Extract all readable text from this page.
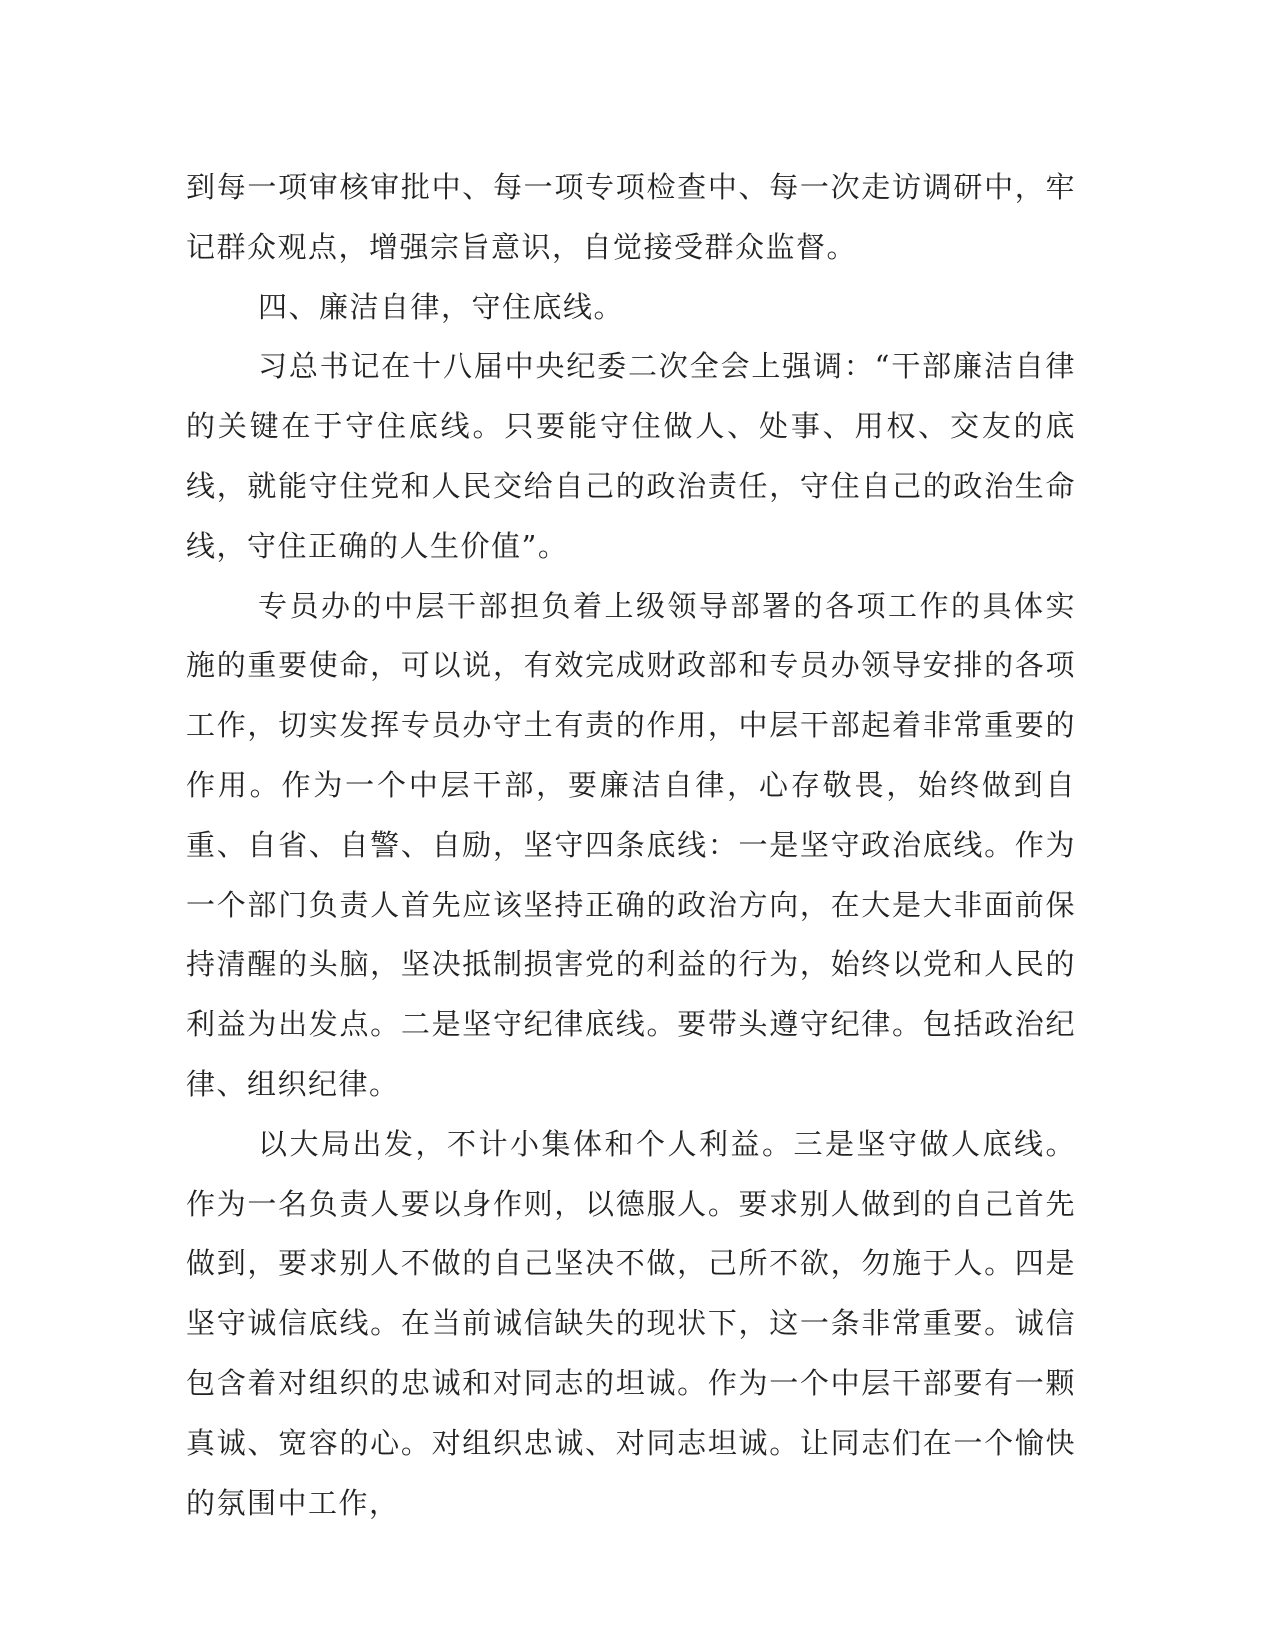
到每一项审核审批中、每一项专项检查中、每一次走访调研中，牢记群众观点，增强宗旨意识，自觉接受群众监督。

四、廉洁自律，守住底线。

习总书记在十八届中央纪委二次全会上强调：“干部廉洁自律的关键在于守住底线。只要能守住做人、处事、用权、交友的底线，就能守住党和人民交给自己的政治责任，守住自己的政治生命线，守住正确的人生价值”。

专员办的中层干部担负着上级领导部署的各项工作的具体实施的重要使命，可以说，有效完成财政部和专员办领导安排的各项工作，切实发挥专员办守土有责的作用，中层干部起着非常重要的作用。作为一个中层干部，要廉洁自律，心存敬畏，始终做到自重、自省、自警、自励，坚守四条底线：一是坚守政治底线。作为一个部门负责人首先应该坚持正确的政治方向，在大是大非面前保持清醒的头脑，坚决抵制损害党的利益的行为，始终以党和人民的利益为出发点。二是坚守纪律底线。要带头遵守纪律。包括政治纪律、组织纪律。

以大局出发，不计小集体和个人利益。三是坚守做人底线。作为一名负责人要以身作则，以德服人。要求别人做到的自己首先做到，要求别人不做的自己坚决不做，己所不欲，勿施于人。四是坚守诚信底线。在当前诚信缺失的现状下，这一条非常重要。诚信包含着对组织的忠诚和对同志的坦诚。作为一个中层干部要有一颗真诚、宽容的心。对组织忠诚、对同志坦诚。让同志们在一个愉快的氛围中工作，
